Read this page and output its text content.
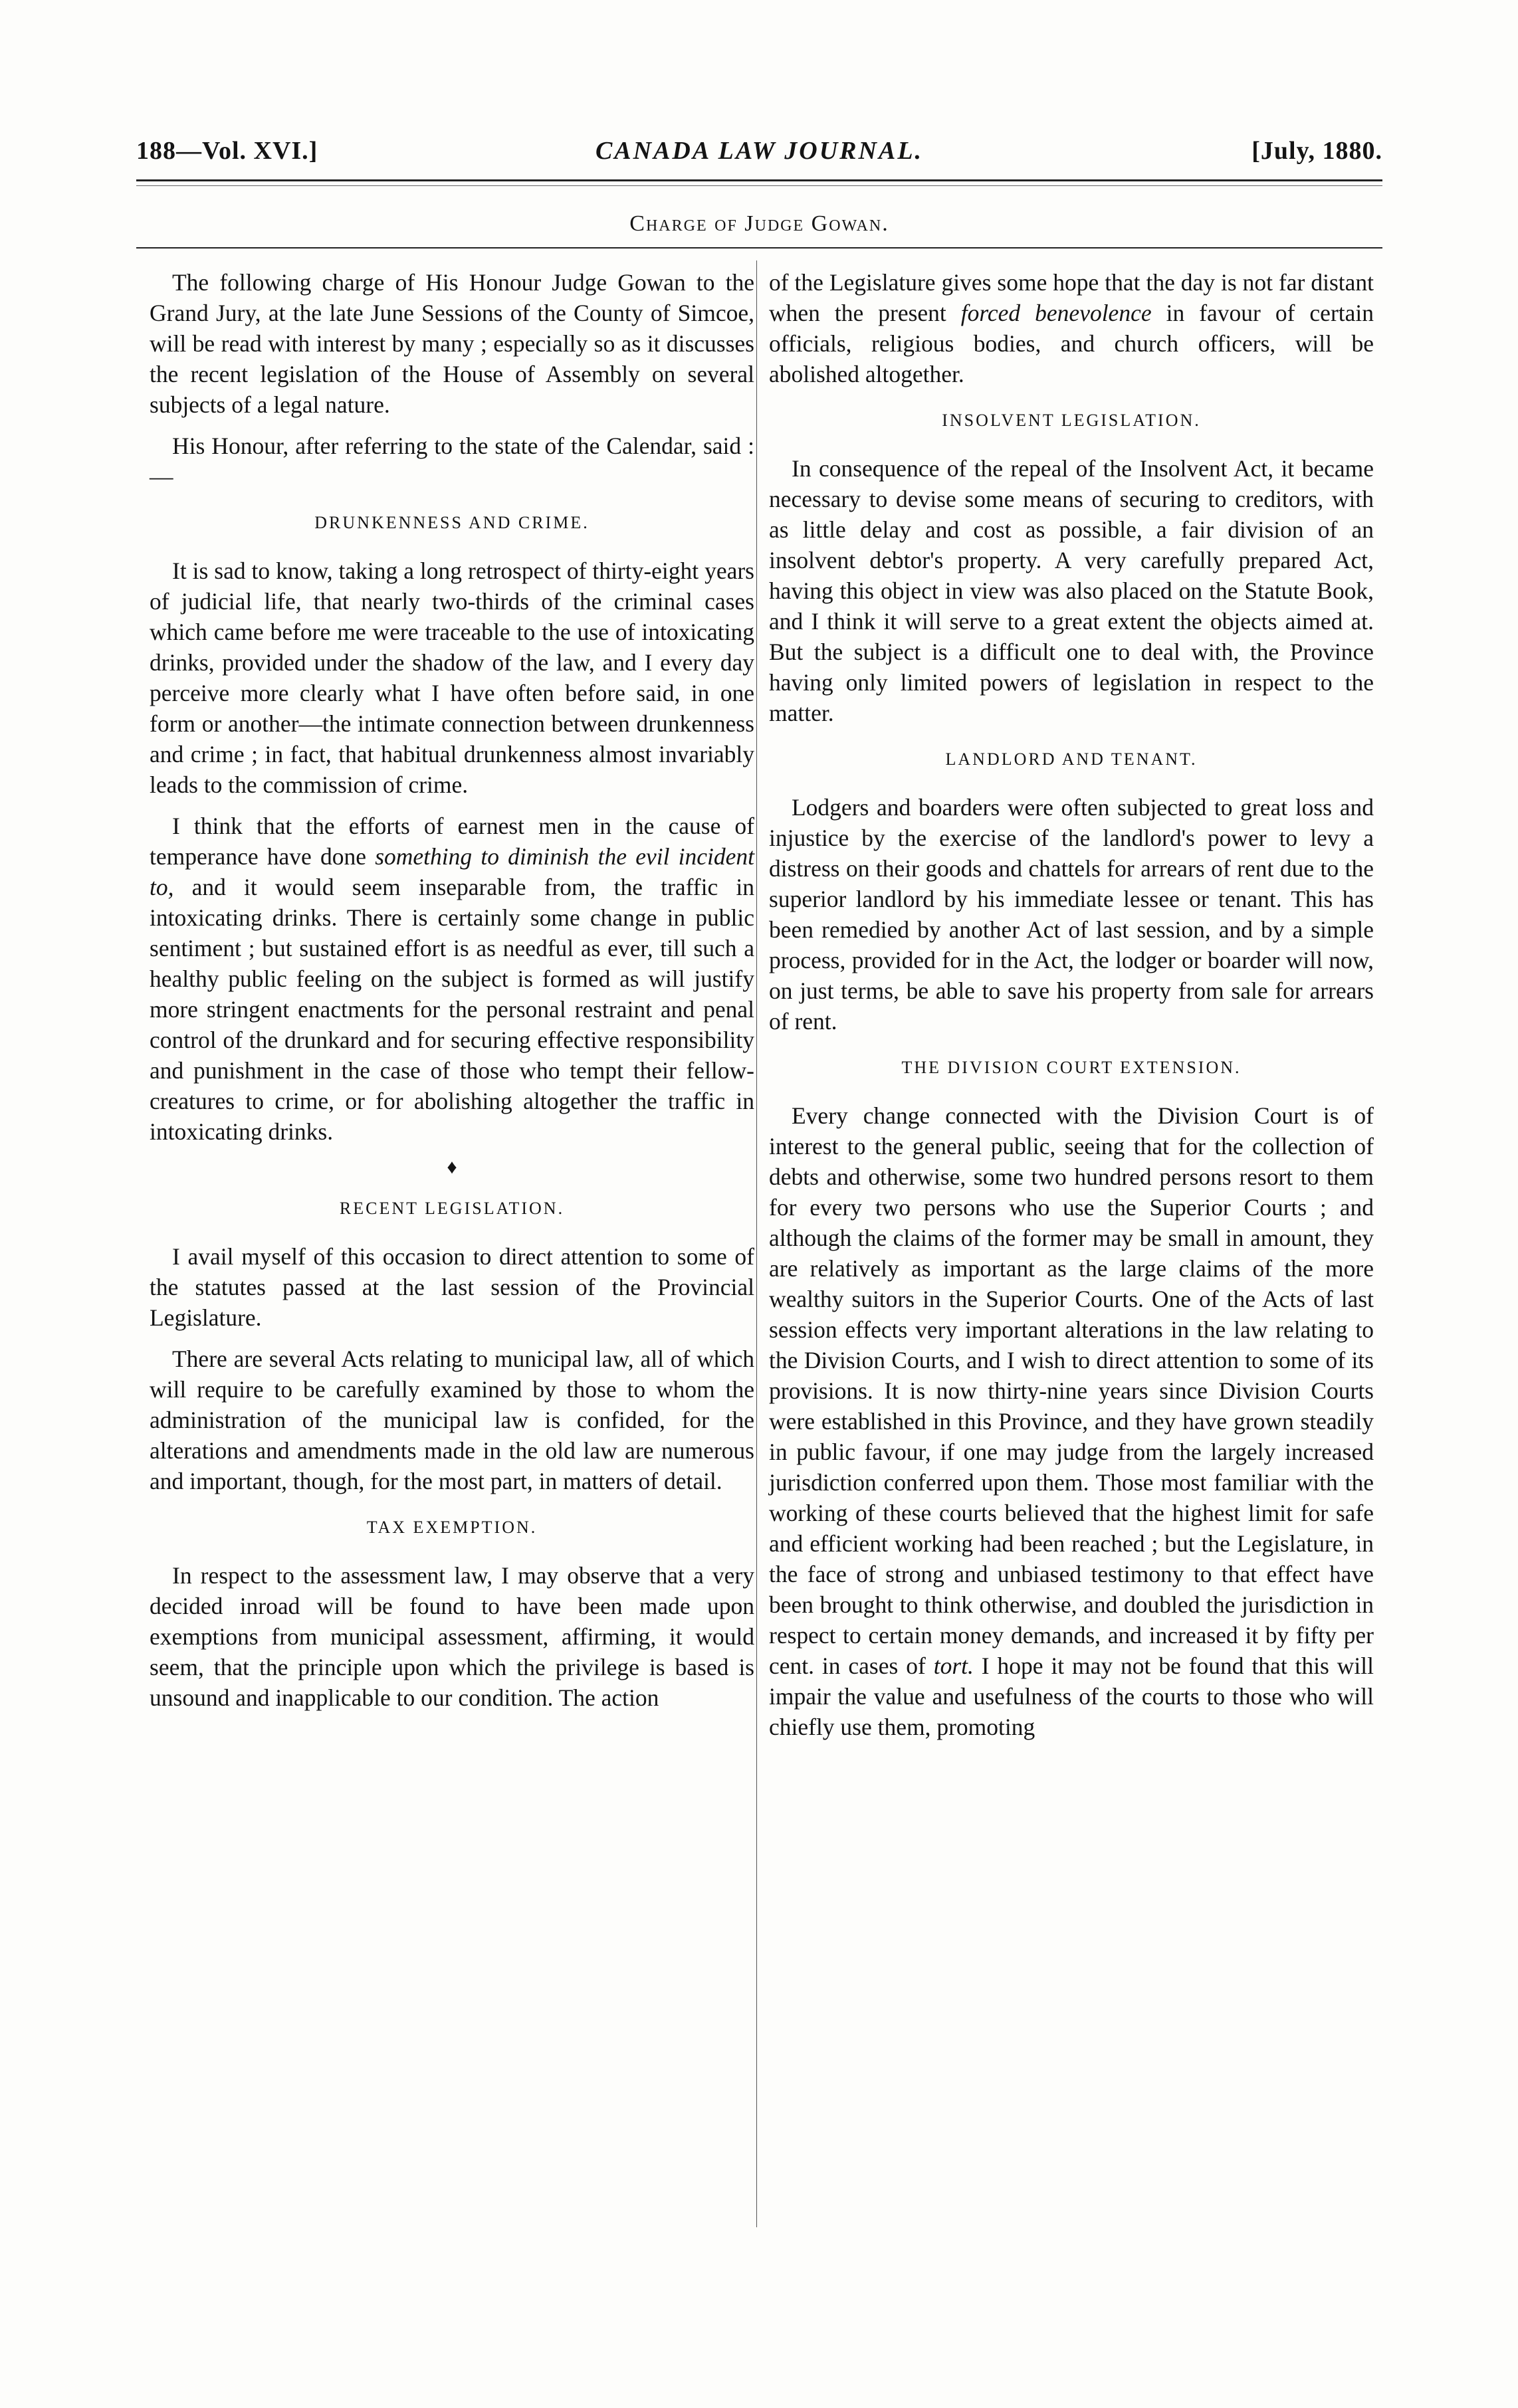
188—Vol. XVI.]	CANADA LAW JOURNAL.	[July, 1880.
Charge of Judge Gowan.

The following charge of His Honour Judge Gowan to the Grand Jury, at the late June Sessions of the County of Simcoe, will be read with interest by many ; especially so as it discusses the recent legislation of the House of Assembly on several subjects of a legal nature.

His Honour, after referring to the state of the Calendar, said :—

DRUNKENNESS AND CRIME.

It is sad to know, taking a long retrospect of thirty-eight years of judicial life, that nearly two-thirds of the criminal cases which came before me were traceable to the use of intoxicating drinks, provided under the shadow of the law, and I every day perceive more clearly what I have often before said, in one form or another—the intimate connection between drunkenness and crime ; in fact, that habitual drunkenness almost invariably leads to the commission of crime.

I think that the efforts of earnest men in the cause of temperance have done something to diminish the evil incident to, and it would seem inseparable from, the traffic in intoxicating drinks. There is certainly some change in public sentiment ; but sustained effort is as needful as ever, till such a healthy public feeling on the subject is formed as will justify more stringent enactments for the personal restraint and penal control of the drunkard and for securing effective responsibility and punishment in the case of those who tempt their fellow-creatures to crime, or for abolishing altogether the traffic in intoxicating drinks.

♦
RECENT LEGISLATION.

I avail myself of this occasion to direct attention to some of the statutes passed at the last session of the Provincial Legislature.

There are several Acts relating to municipal law, all of which will require to be carefully examined by those to whom the administration of the municipal law is confided, for the alterations and amendments made in the old law are numerous and important, though, for the most part, in matters of detail.

TAX EXEMPTION.

In respect to the assessment law, I may observe that a very decided inroad will be found to have been made upon exemptions from municipal assessment, affirming, it would seem, that the principle upon which the privilege is based is unsound and inapplicable to our condition. The action

of the Legislature gives some hope that the day is not far distant when the present forced benevolence in favour of certain officials, religious bodies, and church officers, will be abolished altogether.

INSOLVENT LEGISLATION.

In consequence of the repeal of the Insolvent Act, it became necessary to devise some means of securing to creditors, with as little delay and cost as possible, a fair division of an insolvent debtor's property. A very carefully prepared Act, having this object in view was also placed on the Statute Book, and I think it will serve to a great extent the objects aimed at. But the subject is a difficult one to deal with, the Province having only limited powers of legislation in respect to the matter.

LANDLORD AND TENANT.

Lodgers and boarders were often subjected to great loss and injustice by the exercise of the landlord's power to levy a distress on their goods and chattels for arrears of rent due to the superior landlord by his immediate lessee or tenant. This has been remedied by another Act of last session, and by a simple process, provided for in the Act, the lodger or boarder will now, on just terms, be able to save his property from sale for arrears of rent.

THE DIVISION COURT EXTENSION.

Every change connected with the Division Court is of interest to the general public, seeing that for the collection of debts and otherwise, some two hundred persons resort to them for every two persons who use the Superior Courts ; and although the claims of the former may be small in amount, they are relatively as important as the large claims of the more wealthy suitors in the Superior Courts. One of the Acts of last session effects very important alterations in the law relating to the Division Courts, and I wish to direct attention to some of its provisions. It is now thirty-nine years since Division Courts were established in this Province, and they have grown steadily in public favour, if one may judge from the largely increased jurisdiction conferred upon them. Those most familiar with the working of these courts believed that the highest limit for safe and efficient working had been reached ; but the Legislature, in the face of strong and unbiased testimony to that effect have been brought to think otherwise, and doubled the jurisdiction in respect to certain money demands, and increased it by fifty per cent. in cases of tort. I hope it may not be found that this will impair the value and usefulness of the courts to those who will chiefly use them, promoting
